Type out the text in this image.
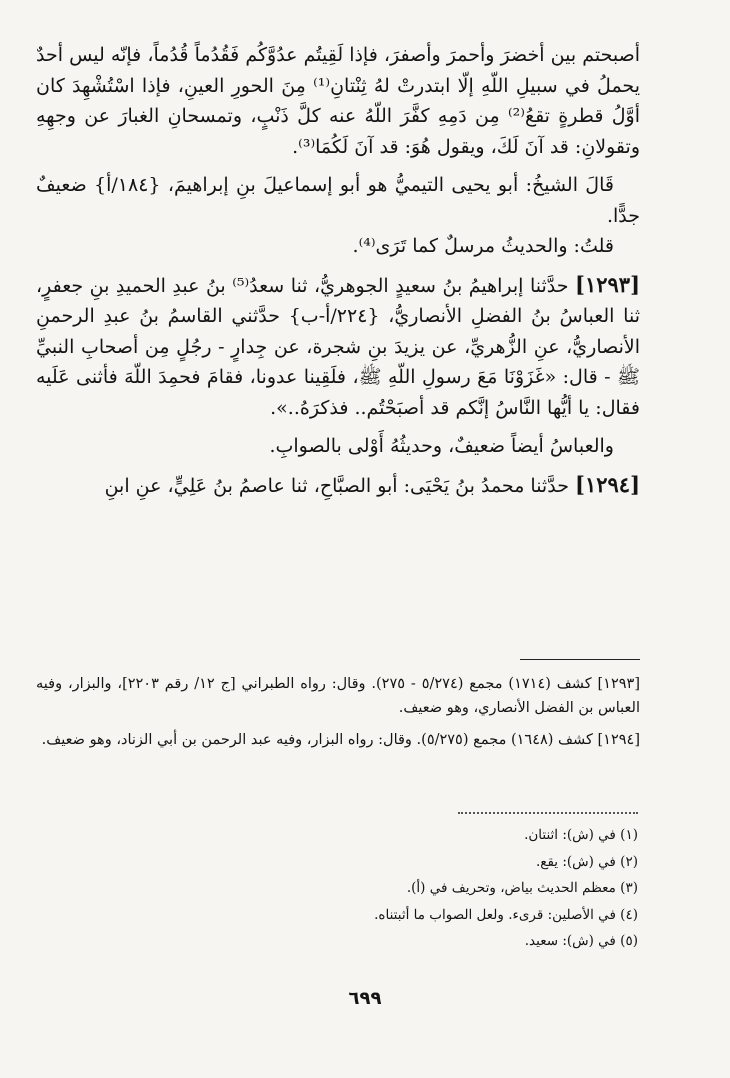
أصبحتم بين أخضرَ وأحمرَ وأصفرَ، فإذا لَقِيتُم عدُوَّكُم فَقُدُماً قُدُماً، فإنّه ليس أحدٌ يحملُ في سبيلِ اللّهِ إلّا ابتدرتْ لهُ ثِنْتانِ⁽¹⁾ مِنَ الحورِ العينِ، فإذا اسْتُشْهِدَ كان أوَّلُ قطرةٍ تقعُ⁽²⁾ مِن دَمِهِ كفَّرَ اللّهُ عنه كلَّ ذَنْبٍ، وتمسحانِ الغبارَ عن وجهِهِ وتقولانِ: قد آنَ لَكَ، ويقول هُوَ: قد آنَ لَكُمَا⁽³⁾.

قَالَ الشيخُ: أبو يحيى التيميُّ هو أبو إسماعيلَ بنِ إبراهيمَ، {١٨٤/أ} ضعيفٌ جدًّا.

قلتُ: والحديثُ مرسلٌ كما تَرَى⁽⁴⁾.

[١٢٩٣] حدَّثنا إبراهيمُ بنُ سعيدٍ الجوهريُّ، ثنا سعدُ⁽⁵⁾ بنُ عبدِ الحميدِ بنِ جعفرٍ، ثنا العباسُ بنُ الفضلِ الأنصاريُّ، {٢٢٤/أ-ب} حدَّثني القاسمُ بنُ عبدِ الرحمنِ الأنصاريُّ، عنِ الزُّهريِّ، عن يزيدَ بنِ شجرة، عن جِدارٍ - رجُلٍ مِن أصحابِ النبيِّ ﷺ - قال: «غَزَوْنَا مَعَ رسولِ اللّهِ ﷺ، فلَقِينا عدونا، فقامَ فحمِدَ اللّهَ فأثنى عَلَيه فقال: يا أيُّها النَّاسُ إنَّكم قد أصبَحْتُم.. فذكرَهُ..».

والعباسُ أيضاً ضعيفٌ، وحديثُهُ أَوْلى بالصوابِ.

[١٢٩٤] حدَّثنا محمدُ بنُ يَحْيَى: أبو الصبَّاحِ، ثنا عاصمُ بنُ عَلِيٍّ، عنِ ابنِ

[١٢٩٣] كشف (١٧١٤) مجمع (٥/٢٧٤ - ٢٧٥). وقال: رواه الطبراني [ج ١٢/ رقم ٢٢٠٣]، والبزار، وفيه العباس بن الفضل الأنصاري، وهو ضعيف.

[١٢٩٤] كشف (١٦٤٨) مجمع (٥/٢٧٥). وقال: رواه البزار، وفيه عبد الرحمن بن أبي الزناد، وهو ضعيف.

(١) في (ش): اثنتان.
(٢) في (ش): يقع.
(٣) معظم الحديث بياض، وتحريف في (أ).
(٤) في الأصلين: قرىء. ولعل الصواب ما أثبتناه.
(٥) في (ش): سعيد.
٦٩٩
